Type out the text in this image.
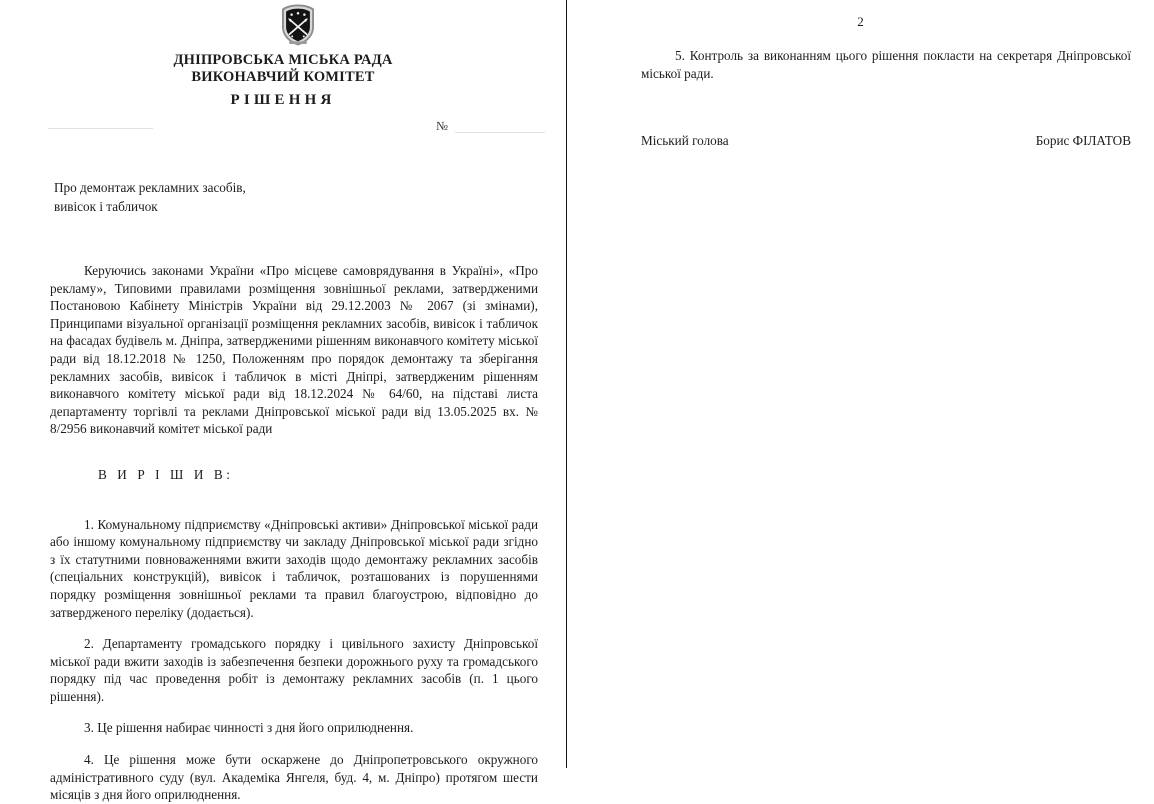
ДНІПРОВСЬКА МІСЬКА РАДА
ВИКОНАВЧИЙ КОМІТЕТ
РІШЕННЯ
№
Про демонтаж рекламних засобів,
вивісок і табличок

Керуючись законами України «Про місцеве самоврядування в Україні», «Про рекламу», Типовими правилами розміщення зовнішньої реклами, затвердженими Постановою Кабінету Міністрів України від 29.12.2003 № 2067 (зі змінами), Принципами візуальної організації розміщення рекламних засобів, вивісок і табличок на фасадах будівель м. Дніпра, затвердженими рішенням виконавчого комітету міської ради від 18.12.2018 № 1250, Положенням про порядок демонтажу та зберігання рекламних засобів, вивісок і табличок в місті Дніпрі, затвердженим рішенням виконавчого комітету міської ради від 18.12.2024 № 64/60, на підставі листа департаменту торгівлі та реклами Дніпровської міської ради від 13.05.2025 вх. № 8/2956 виконавчий комітет міської ради

В И Р І Ш И В:

1. Комунальному підприємству «Дніпровські активи» Дніпровської міської ради або іншому комунальному підприємству чи закладу Дніпровської міської ради згідно з їх статутними повноваженнями вжити заходів щодо демонтажу рекламних засобів (спеціальних конструкцій), вивісок і табличок, розташованих із порушеннями порядку розміщення зовнішньої реклами та правил благоустрою, відповідно до затвердженого переліку (додається).

2. Департаменту громадського порядку і цивільного захисту Дніпровської міської ради вжити заходів із забезпечення безпеки дорожнього руху та громадського порядку під час проведення робіт із демонтажу рекламних засобів (п. 1 цього рішення).

3. Це рішення набирає чинності з дня його оприлюднення.

4. Це рішення може бути оскаржене до Дніпропетровського окружного адміністративного суду (вул. Академіка Янгеля, буд. 4, м. Дніпро) протягом шести місяців з дня його оприлюднення.

2

5. Контроль за виконанням цього рішення покласти на секретаря Дніпровської міської ради.

Міський голова	Борис ФІЛАТОВ
